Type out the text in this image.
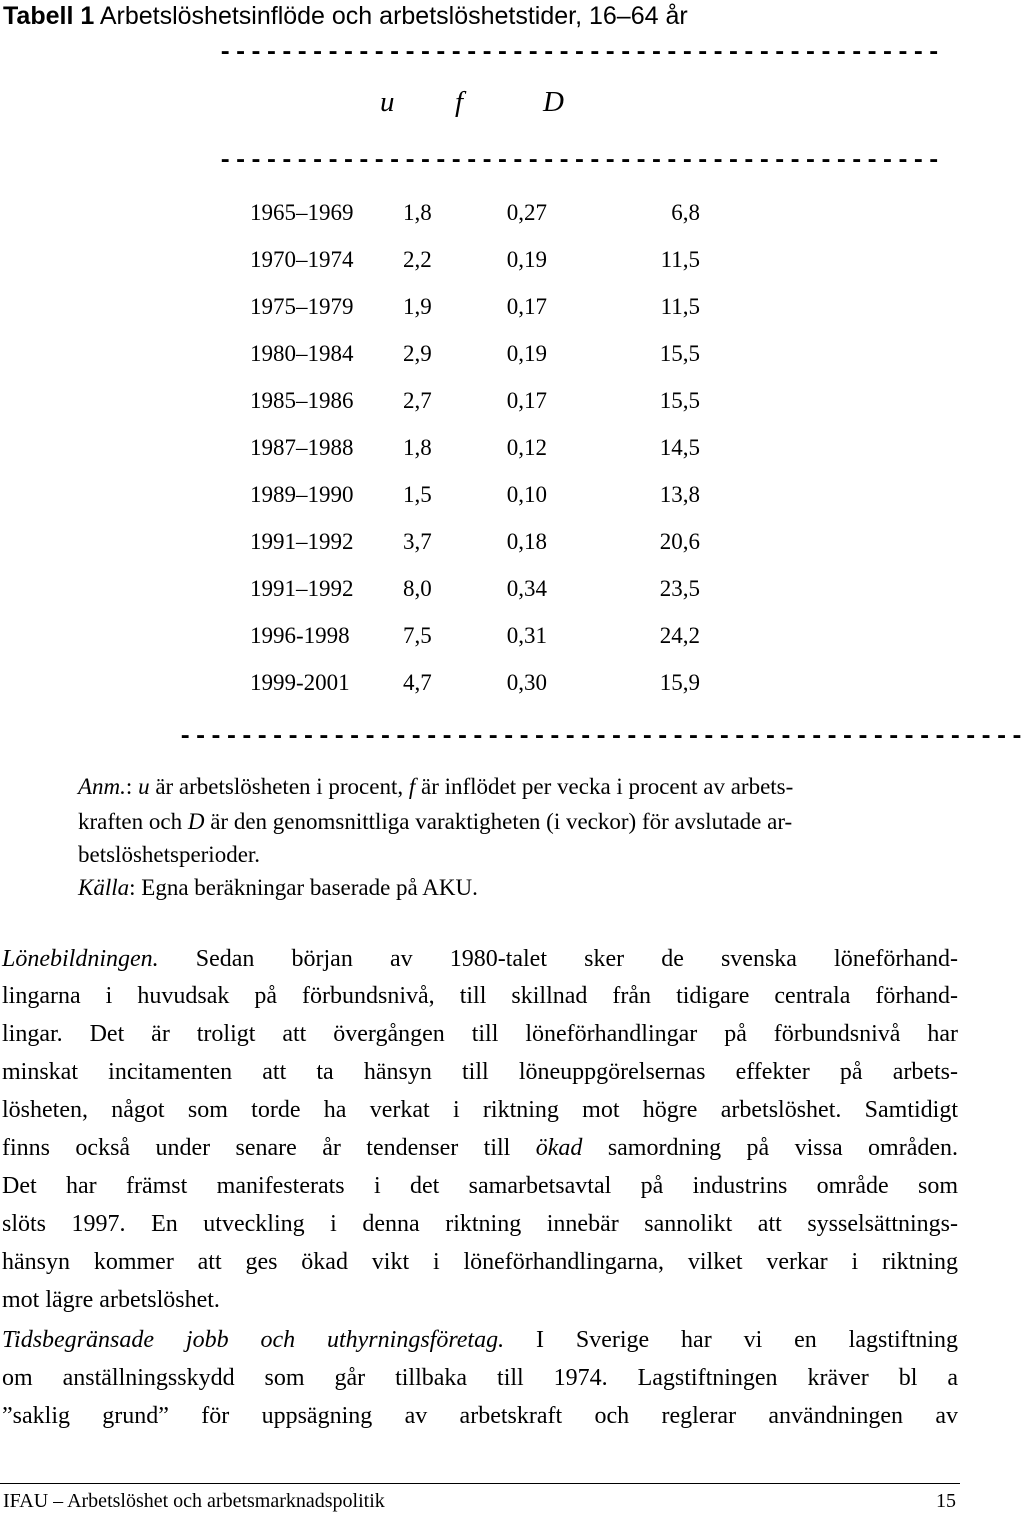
Tabell 1 Arbetslöshetsinflöde och arbetslöshetstider, 16–64 år
-----------------------------------------------
u f	D
-----------------------------------------------
1965–1969 1,8	0,27	6,8
1970–1974 2,2	0,19	11,5
1975–1979 1,9	0,17	11,5
1980–1984 2,9	0,19	15,5
1985–1986 2,7	0,17	15,5
1987–1988 1,8	0,12	14,5
1989–1990 1,5	0,10	13,8
1991–1992 3,7	0,18	20,6
1991–1992 8,0	0,34	23,5
1996-1998 7,5	0,31	24,2
1999-2001 4,7	0,30	15,9
-------------------------------------------------------
Anm.: u är arbetslösheten i procent, f är inflödet per vecka i procent av arbets-
kraften och D är den genomsnittliga varaktigheten (i veckor) för avslutade ar-
betslöshetsperioder.
Källa: Egna beräkningar baserade på AKU.
Lönebildningen. Sedan början av 1980-talet sker de svenska löneförhand-
lingarna i huvudsak på förbundsnivå, till skillnad från tidigare centrala förhand-
lingar. Det är troligt att övergången till löneförhandlingar på förbundsnivå har
minskat incitamenten att ta hänsyn till löneuppgörelsernas effekter på arbets-
lösheten, något som torde ha verkat i riktning mot högre arbetslöshet. Samtidigt
finns också under senare år tendenser till ökad samordning på vissa områden.
Det har främst manifesterats i det samarbetsavtal på industrins område som
slöts 1997. En utveckling i denna riktning innebär sannolikt att sysselsättnings-
hänsyn kommer att ges ökad vikt i löneförhandlingarna, vilket verkar i riktning
mot lägre arbetslöshet.
Tidsbegränsade jobb och uthyrningsföretag. I Sverige har vi en lagstiftning
om anställningsskydd som går tillbaka till 1974. Lagstiftningen kräver bl a
”saklig grund” för uppsägning av arbetskraft och reglerar användningen av
IFAU – Arbetslöshet och arbetsmarknadspolitik	15
